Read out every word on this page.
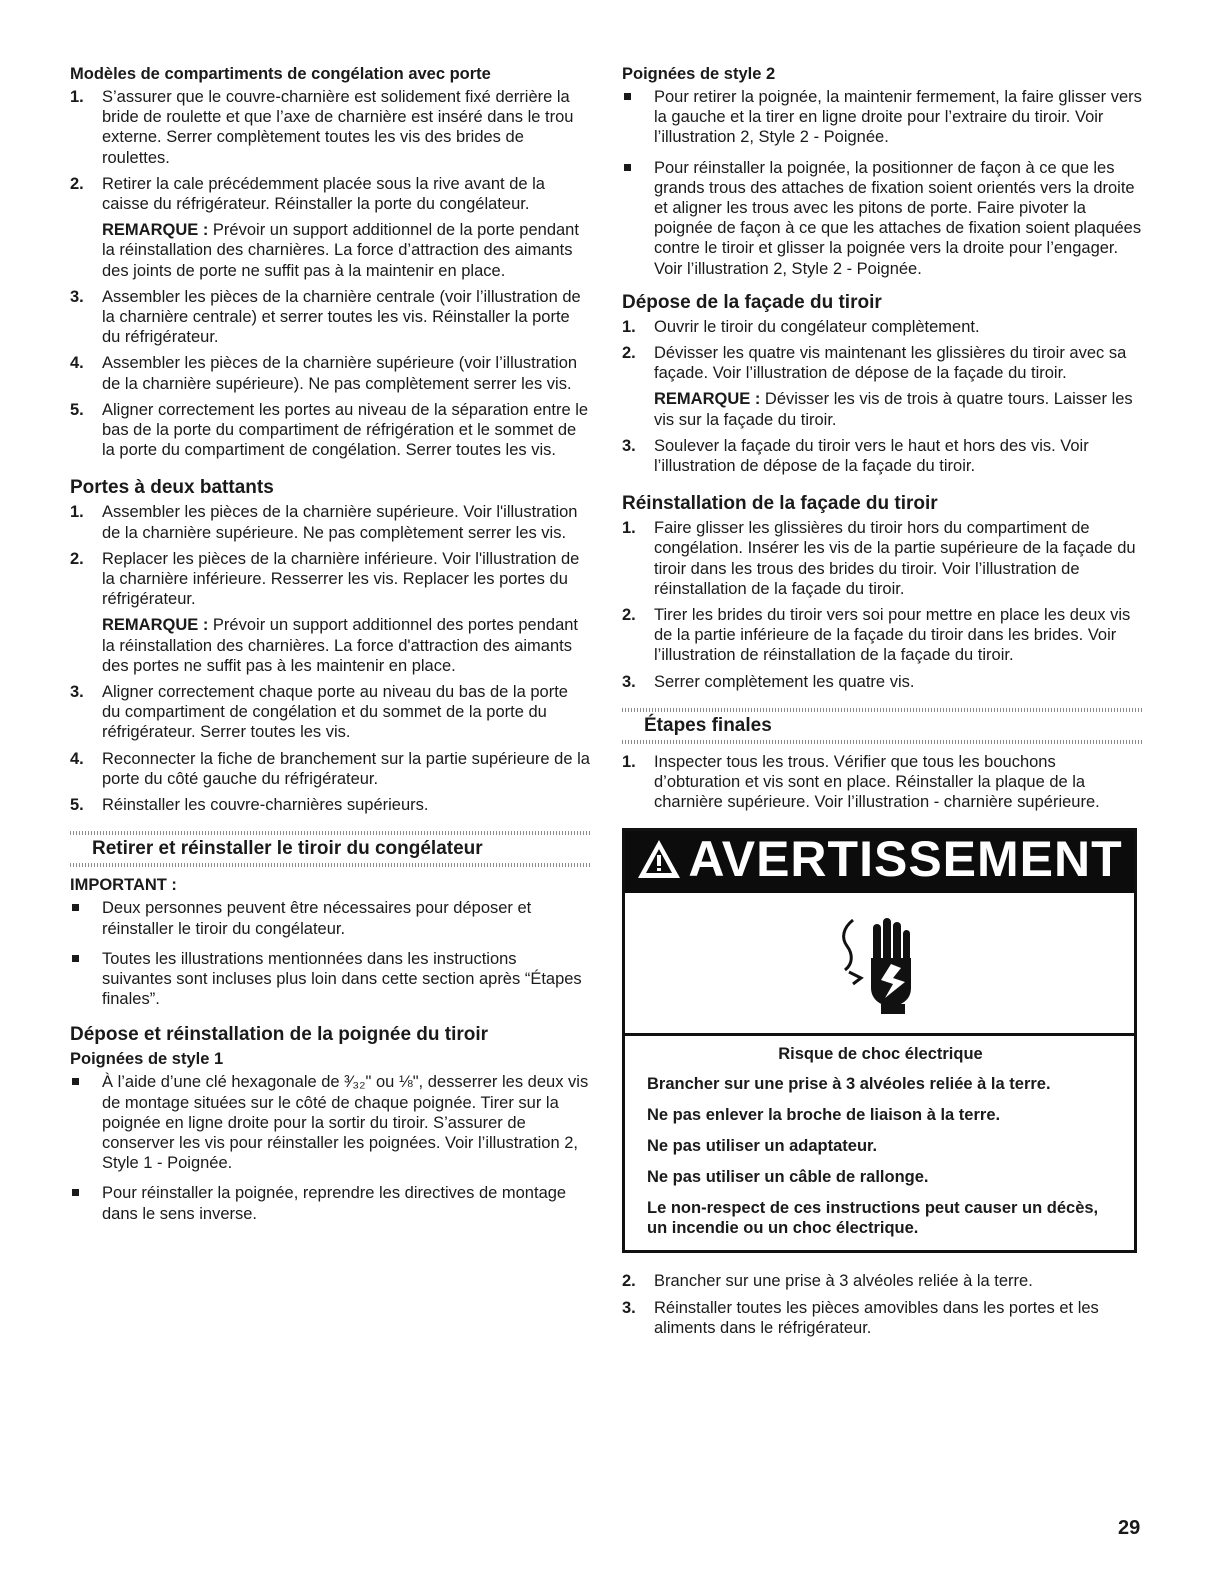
Modèles de compartiments de congélation avec porte

1. S’assurer que le couvre-charnière est solidement fixé derrière la bride de roulette et que l’axe de charnière est inséré dans le trou externe. Serrer complètement toutes les vis des brides de roulettes.
2. Retirer la cale précédemment placée sous la rive avant de la caisse du réfrigérateur. Réinstaller la porte du congélateur.

REMARQUE : Prévoir un support additionnel de la porte pendant la réinstallation des charnières. La force d’attraction des aimants des joints de porte ne suffit pas à la maintenir en place.

3. Assembler les pièces de la charnière centrale (voir l’illustration de la charnière centrale) et serrer toutes les vis. Réinstaller la porte du réfrigérateur.
4. Assembler les pièces de la charnière supérieure (voir l’illustration de la charnière supérieure). Ne pas complètement serrer les vis.
5. Aligner correctement les portes au niveau de la séparation entre le bas de la porte du compartiment de réfrigération et le sommet de la porte du compartiment de congélation. Serrer toutes les vis.

Portes à deux battants

1. Assembler les pièces de la charnière supérieure. Voir l'illustration de la charnière supérieure. Ne pas complètement serrer les vis.
2. Replacer les pièces de la charnière inférieure. Voir l'illustration de la charnière inférieure. Resserrer les vis. Replacer les portes du réfrigérateur.

REMARQUE : Prévoir un support additionnel des portes pendant la réinstallation des charnières. La force d'attraction des aimants des portes ne suffit pas à les maintenir en place.

3. Aligner correctement chaque porte au niveau du bas de la porte du compartiment de congélation et du sommet de la porte du réfrigérateur. Serrer toutes les vis.
4. Reconnecter la fiche de branchement sur la partie supérieure de la porte du côté gauche du réfrigérateur.
5. Réinstaller les couvre-charnières supérieurs.
Retirer et réinstaller le tiroir du congélateur

IMPORTANT :

Deux personnes peuvent être nécessaires pour déposer et réinstaller le tiroir du congélateur.
Toutes les illustrations mentionnées dans les instructions suivantes sont incluses plus loin dans cette section après “Étapes finales”.

Dépose et réinstallation de la poignée du tiroir

Poignées de style 1

À l’aide d’une clé hexagonale de ³⁄₃₂" ou ⅛", desserrer les deux vis de montage situées sur le côté de chaque poignée. Tirer sur la poignée en ligne droite pour la sortir du tiroir. S’assurer de conserver les vis pour réinstaller les poignées. Voir l’illustration 2, Style 1 - Poignée.
Pour réinstaller la poignée, reprendre les directives de montage dans le sens inverse.

Poignées de style 2

Pour retirer la poignée, la maintenir fermement, la faire glisser vers la gauche et la tirer en ligne droite pour l’extraire du tiroir. Voir l’illustration 2, Style 2 - Poignée.
Pour réinstaller la poignée, la positionner de façon à ce que les grands trous des attaches de fixation soient orientés vers la droite et aligner les trous avec les pitons de porte. Faire pivoter la poignée de façon à ce que les attaches de fixation soient plaquées contre le tiroir et glisser la poignée vers la droite pour l’engager. Voir l’illustration 2, Style 2 - Poignée.

Dépose de la façade du tiroir

1. Ouvrir le tiroir du congélateur complètement.
2. Dévisser les quatre vis maintenant les glissières du tiroir avec sa façade. Voir l’illustration de dépose de la façade du tiroir.

REMARQUE : Dévisser les vis de trois à quatre tours. Laisser les vis sur la façade du tiroir.

3. Soulever la façade du tiroir vers le haut et hors des vis. Voir l’illustration de dépose de la façade du tiroir.

Réinstallation de la façade du tiroir

1. Faire glisser les glissières du tiroir hors du compartiment de congélation. Insérer les vis de la partie supérieure de la façade du tiroir dans les trous des brides du tiroir. Voir l’illustration de réinstallation de la façade du tiroir.
2. Tirer les brides du tiroir vers soi pour mettre en place les deux vis de la partie inférieure de la façade du tiroir dans les brides. Voir l’illustration de réinstallation de la façade du tiroir.
3. Serrer complètement les quatre vis.
Étapes finales
1. Inspecter tous les trous. Vérifier que tous les bouchons d’obturation et vis sont en place. Réinstaller la plaque de la charnière supérieure. Voir l’illustration - charnière supérieure.
AVERTISSEMENT

Risque de choc électrique

Brancher sur une prise à 3 alvéoles reliée à la terre.

Ne pas enlever la broche de liaison à la terre.

Ne pas utiliser un adaptateur.

Ne pas utiliser un câble de rallonge.

Le non-respect de ces instructions peut causer un décès, un incendie ou un choc électrique.

2. Brancher sur une prise à 3 alvéoles reliée à la terre.
3. Réinstaller toutes les pièces amovibles dans les portes et les aliments dans le réfrigérateur.
29
